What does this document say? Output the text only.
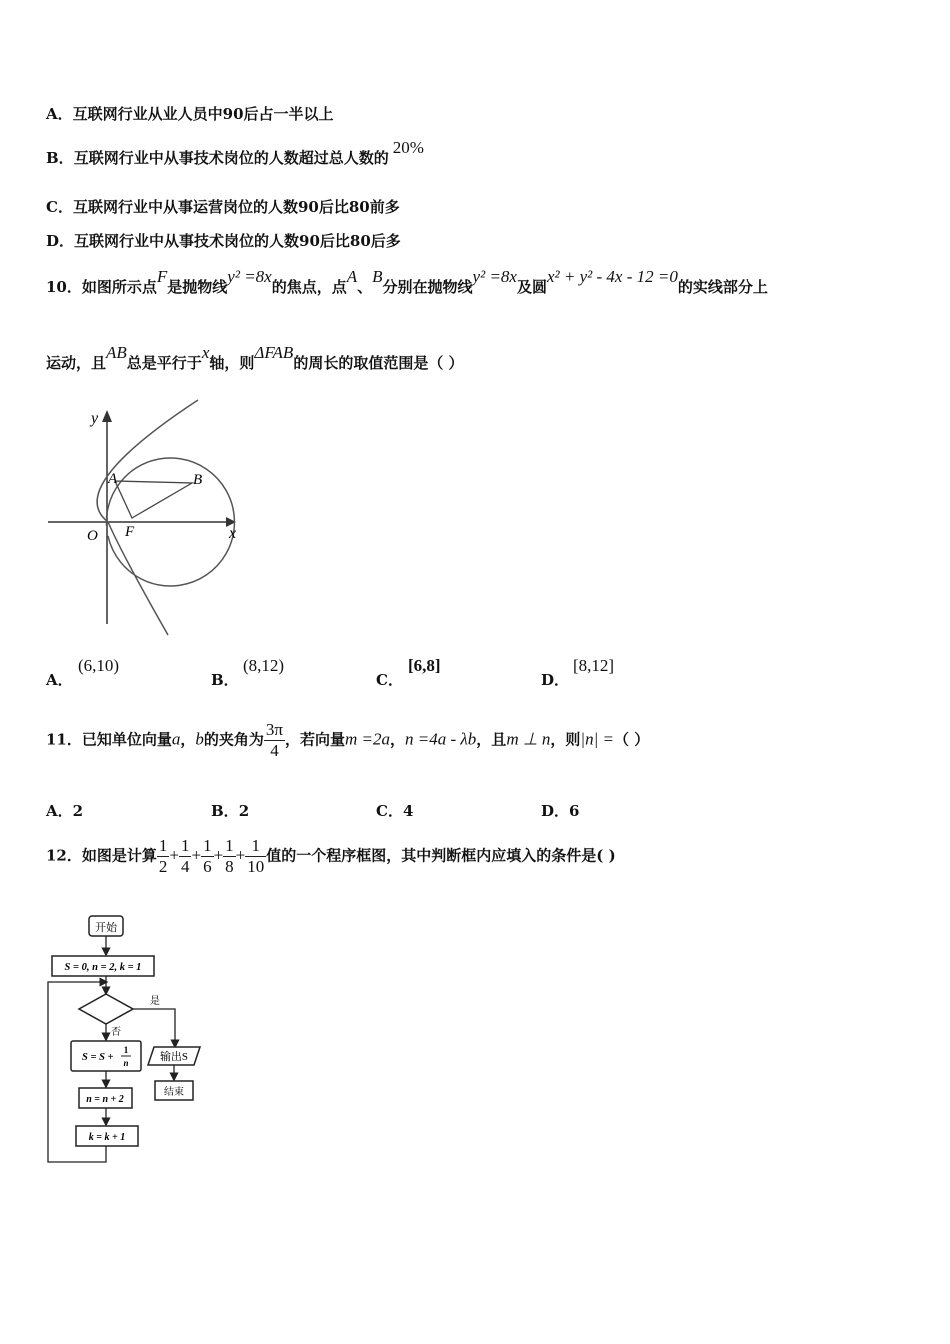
A．互联网行业从业人员中90后占一半以上
B．互联网行业中从事技术岗位的人数超过总人数的20%
C．互联网行业中从事运营岗位的人数90后比80前多
D．互联网行业中从事技术岗位的人数90后比80后多
10．如图所示点F是抛物线y² =8x的焦点，点A、B分别在抛物线y² =8x及圆x² + y² - 4x - 12 =0的实线部分上
运动，且AB总是平行于x轴，则ΔFAB的周长的取值范围是（ ）
y
A	B
O F	x
A．
(6,10)
B．
(8,12)
C．
[6,8]
D．
[8,12]
11．已知单位向量a，b的夹角为 $\frac{3\pi}{4}$ ，若向量m =2a，n =4a - λb，且m ⊥ n，则|n| =（ ）
A．2	B．2	C．4	D．6
12．如图是计算 $\frac{1}{2} + \frac{1}{4} + \frac{1}{6} + \frac{1}{8} + \frac{1}{10}$ 值的一个程序框图，其中判断框内应填入的条件是( )
开始
S = 0, n = 2, k = 1
是
否
S = S +
1
n	输出S
结束
n = n + 2
k = k + 1
